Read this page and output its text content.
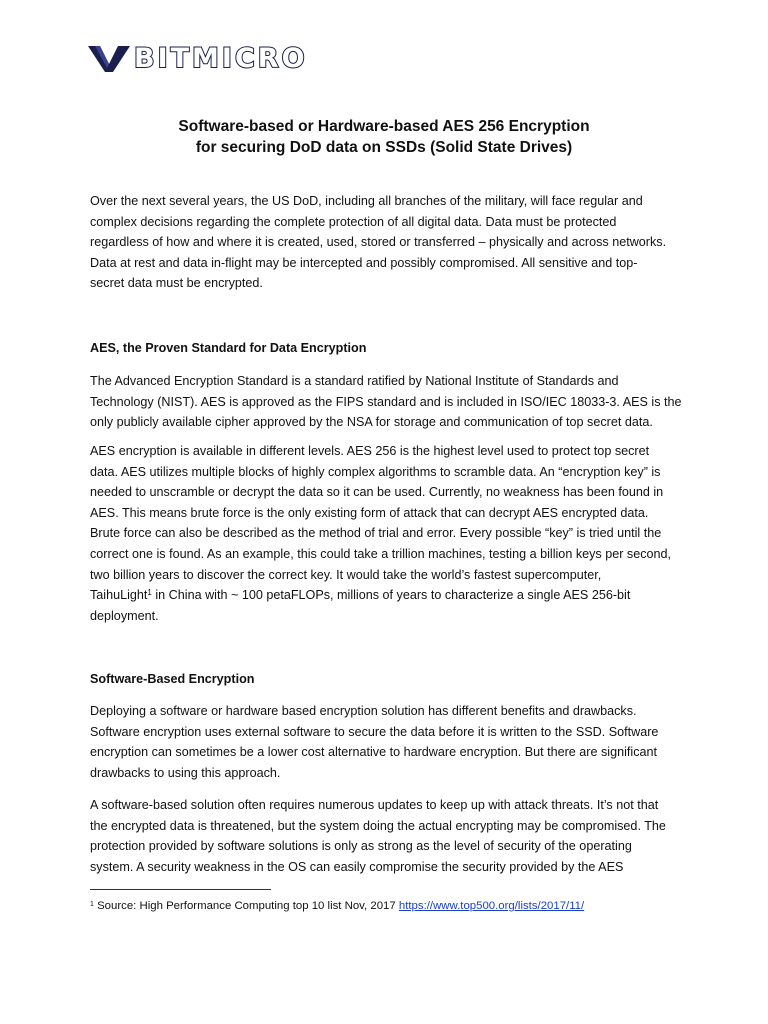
BITMICRO
Software-based or Hardware-based AES 256 Encryption
for securing DoD data on SSDs (Solid State Drives)
Over the next several years, the US DoD, including all branches of the military, will face regular and
complex decisions regarding the complete protection of all digital data. Data must be protected
regardless of how and where it is created, used, stored or transferred – physically and across networks.
Data at rest and data in-flight may be intercepted and possibly compromised. All sensitive and top-
secret data must be encrypted.
AES, the Proven Standard for Data Encryption
The Advanced Encryption Standard is a standard ratified by National Institute of Standards and
Technology (NIST). AES is approved as the FIPS standard and is included in ISO/IEC 18033-3. AES is the
only publicly available cipher approved by the NSA for storage and communication of top secret data.
AES encryption is available in different levels. AES 256 is the highest level used to protect top secret
data. AES utilizes multiple blocks of highly complex algorithms to scramble data. An “encryption key” is
needed to unscramble or decrypt the data so it can be used. Currently, no weakness has been found in
AES. This means brute force is the only existing form of attack that can decrypt AES encrypted data.
Brute force can also be described as the method of trial and error. Every possible “key” is tried until the
correct one is found. As an example, this could take a trillion machines, testing a billion keys per second,
two billion years to discover the correct key. It would take the world’s fastest supercomputer,
TaihuLight$^1$ in China with ~ 100 petaFLOPs, millions of years to characterize a single AES 256-bit
deployment.
Software-Based Encryption
Deploying a software or hardware based encryption solution has different benefits and drawbacks.
Software encryption uses external software to secure the data before it is written to the SSD. Software
encryption can sometimes be a lower cost alternative to hardware encryption. But there are significant
drawbacks to using this approach.
A software-based solution often requires numerous updates to keep up with attack threats. It’s not that
the encrypted data is threatened, but the system doing the actual encrypting may be compromised. The
protection provided by software solutions is only as strong as the level of security of the operating
system. A security weakness in the OS can easily compromise the security provided by the AES
$^1$ Source: High Performance Computing top 10 list Nov, 2017 https://www.top500.org/lists/2017/11/
